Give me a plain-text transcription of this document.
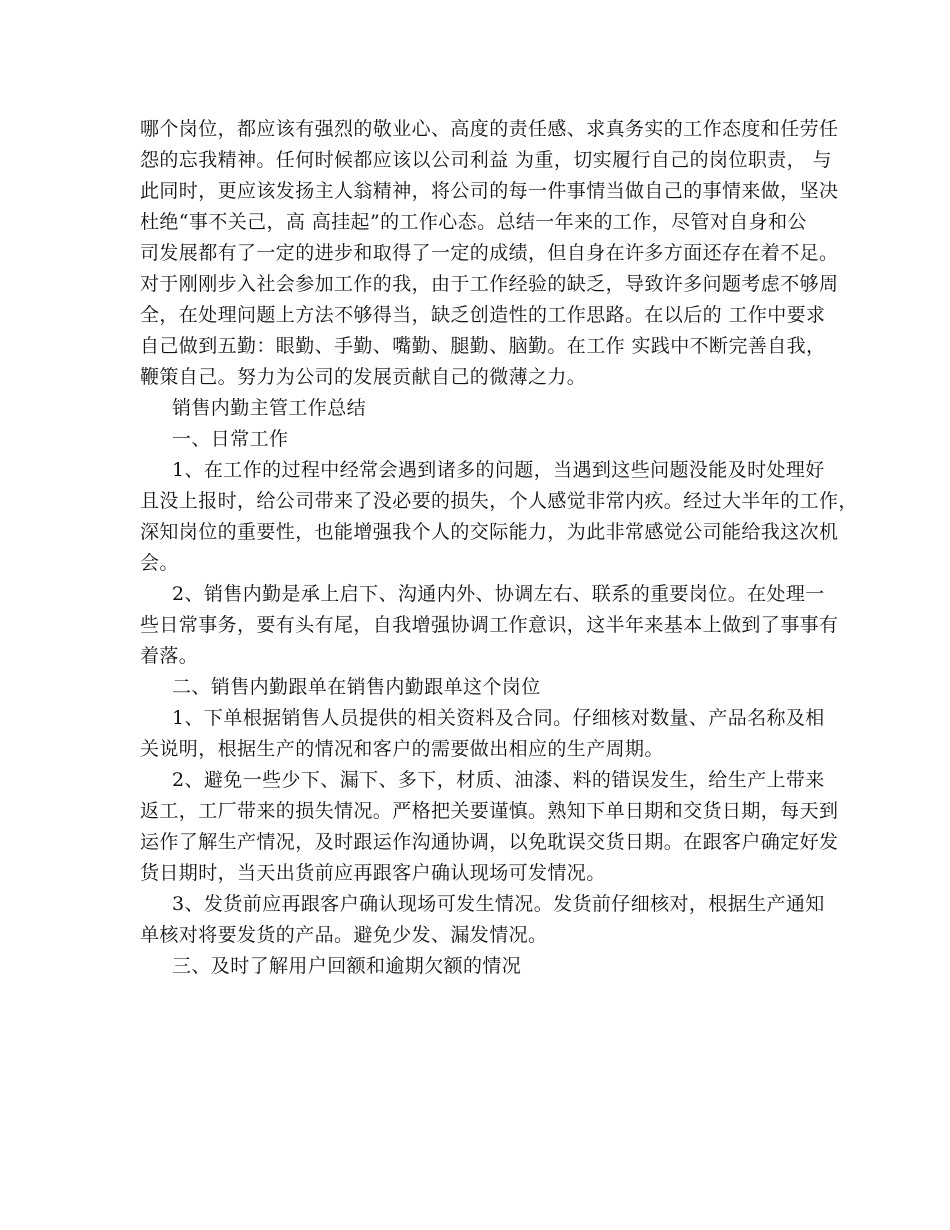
哪个岗位，都应该有强烈的敬业心、高度的责任感、求真务实的工作态度和任劳任
怨的忘我精神。任何时候都应该以公司利益 为重，切实履行自己的岗位职责， 与
此同时，更应该发扬主人翁精神，将公司的每一件事情当做自己的事情来做，坚决
杜绝“事不关己，高 高挂起”的工作心态。总结一年来的工作，尽管对自身和公
司发展都有了一定的进步和取得了一定的成绩，但自身在许多方面还存在着不足。
对于刚刚步入社会参加工作的我，由于工作经验的缺乏，导致许多问题考虑不够周
全，在处理问题上方法不够得当，缺乏创造性的工作思路。在以后的 工作中要求
自己做到五勤：眼勤、手勤、嘴勤、腿勤、脑勤。在工作 实践中不断完善自我，
鞭策自己。努力为公司的发展贡献自己的微薄之力。
销售内勤主管工作总结
一、日常工作
1、在工作的过程中经常会遇到诸多的问题，当遇到这些问题没能及时处理好
且没上报时，给公司带来了没必要的损失，个人感觉非常内疚。经过大半年的工作，
深知岗位的重要性，也能增强我个人的交际能力，为此非常感觉公司能给我这次机
会。
2、销售内勤是承上启下、沟通内外、协调左右、联系的重要岗位。在处理一
些日常事务，要有头有尾，自我增强协调工作意识，这半年来基本上做到了事事有
着落。
二、销售内勤跟单在销售内勤跟单这个岗位
1、下单根据销售人员提供的相关资料及合同。仔细核对数量、产品名称及相
关说明，根据生产的情况和客户的需要做出相应的生产周期。
2、避免一些少下、漏下、多下，材质、油漆、料的错误发生，给生产上带来
返工，工厂带来的损失情况。严格把关要谨慎。熟知下单日期和交货日期，每天到
运作了解生产情况，及时跟运作沟通协调，以免耽误交货日期。在跟客户确定好发
货日期时，当天出货前应再跟客户确认现场可发情况。
3、发货前应再跟客户确认现场可发生情况。发货前仔细核对，根据生产通知
单核对将要发货的产品。避免少发、漏发情况。
三、及时了解用户回额和逾期欠额的情况
